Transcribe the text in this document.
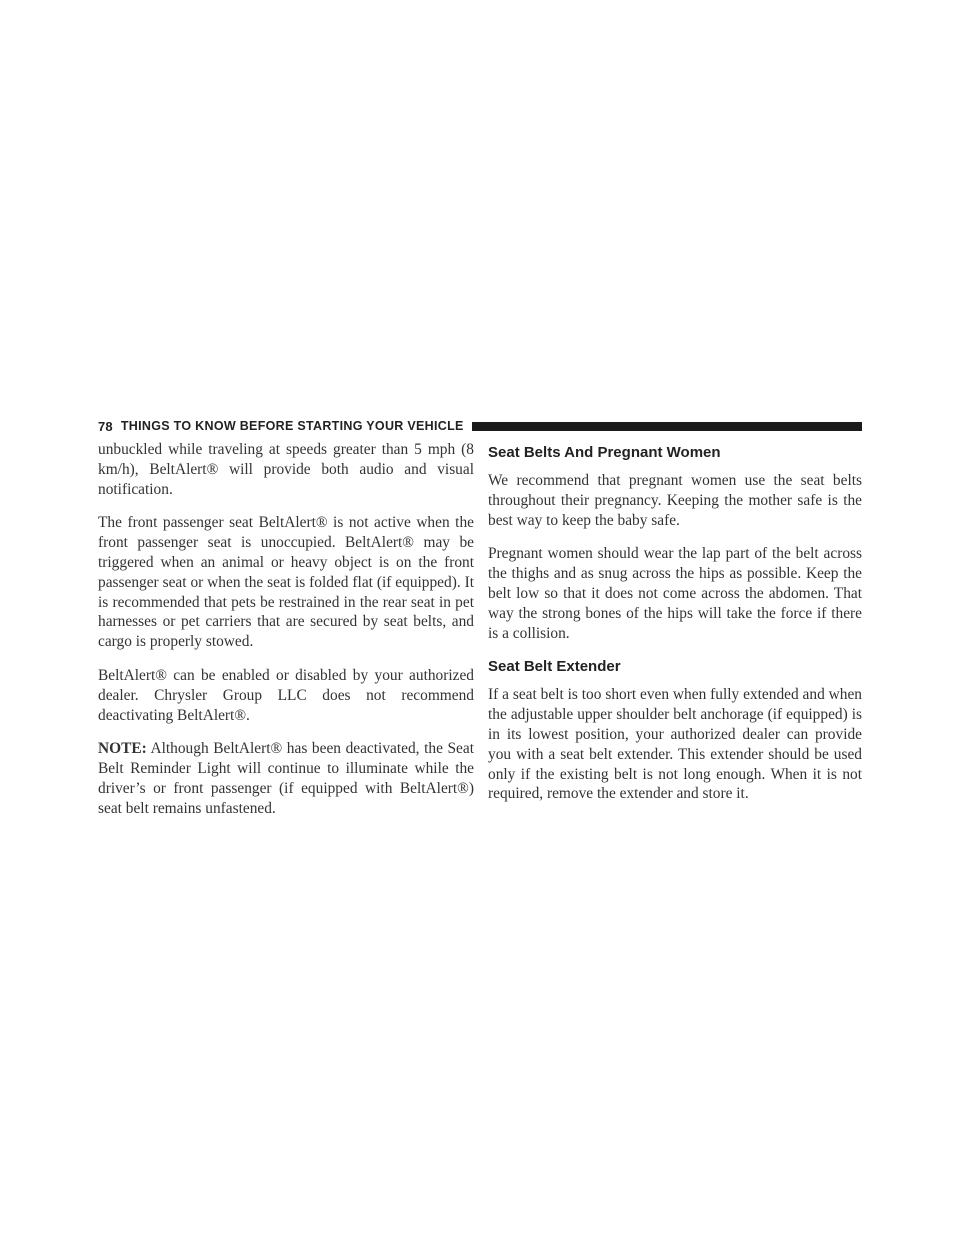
78 THINGS TO KNOW BEFORE STARTING YOUR VEHICLE

unbuckled while traveling at speeds greater than 5 mph (8 km/h), BeltAlert® will provide both audio and visual notification.

The front passenger seat BeltAlert® is not active when the front passenger seat is unoccupied. BeltAlert® may be triggered when an animal or heavy object is on the front passenger seat or when the seat is folded flat (if equipped). It is recommended that pets be restrained in the rear seat in pet harnesses or pet carriers that are secured by seat belts, and cargo is properly stowed.

BeltAlert® can be enabled or disabled by your authorized dealer. Chrysler Group LLC does not recommend deactivating BeltAlert®.

NOTE: Although BeltAlert® has been deactivated, the Seat Belt Reminder Light will continue to illuminate while the driver’s or front passenger (if equipped with BeltAlert®) seat belt remains unfastened.

Seat Belts And Pregnant Women

We recommend that pregnant women use the seat belts throughout their pregnancy. Keeping the mother safe is the best way to keep the baby safe.

Pregnant women should wear the lap part of the belt across the thighs and as snug across the hips as possible. Keep the belt low so that it does not come across the abdomen. That way the strong bones of the hips will take the force if there is a collision.

Seat Belt Extender

If a seat belt is too short even when fully extended and when the adjustable upper shoulder belt anchorage (if equipped) is in its lowest position, your authorized dealer can provide you with a seat belt extender. This extender should be used only if the existing belt is not long enough. When it is not required, remove the extender and store it.
